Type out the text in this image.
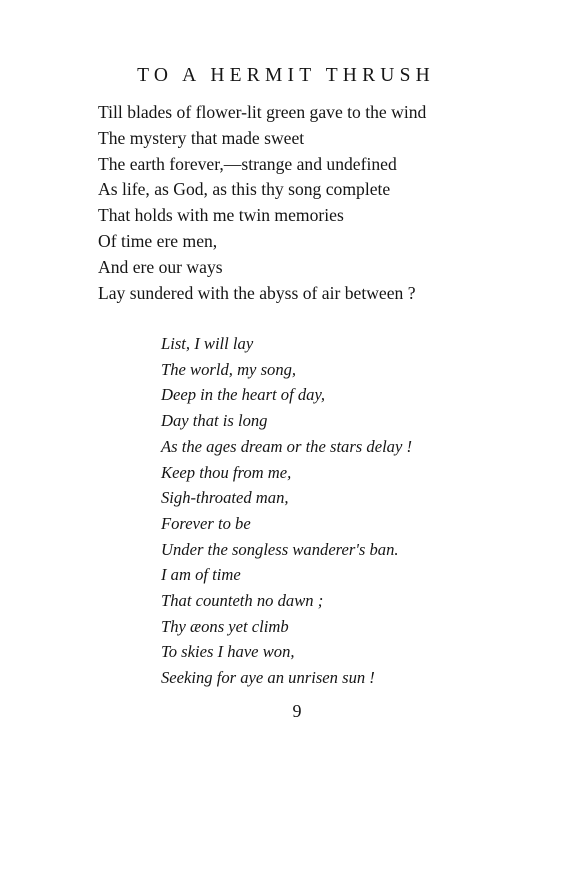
TO A HERMIT THRUSH
Till blades of flower-lit green gave to the wind
The mystery that made sweet
The earth forever,—strange and undefined
As life, as God, as this thy song complete
That holds with me twin memories
Of time ere men,
And ere our ways
Lay sundered with the abyss of air between ?
List, I will lay
The world, my song,
Deep in the heart of day,
Day that is long
As the ages dream or the stars delay !
Keep thou from me,
Sigh-throated man,
Forever to be
Under the songless wanderer's ban.
I am of time
That counteth no dawn ;
Thy æons yet climb
To skies I have won,
Seeking for aye an unrisen sun !
9
